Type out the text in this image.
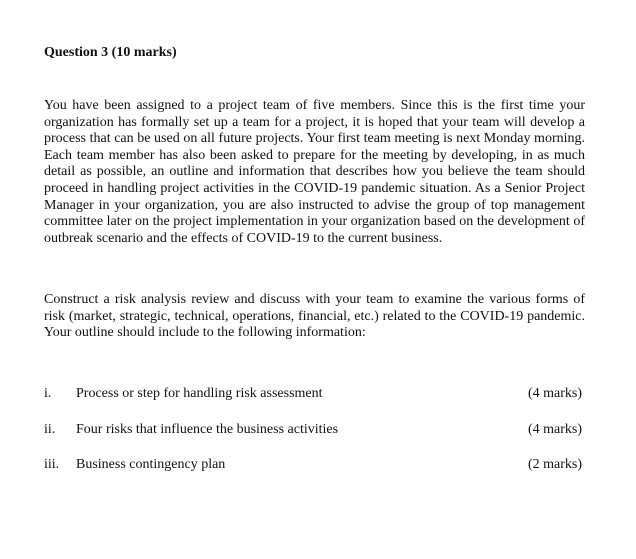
Question 3 (10 marks)

You have been assigned to a project team of five members. Since this is the first time your organization has formally set up a team for a project, it is hoped that your team will develop a process that can be used on all future projects. Your first team meeting is next Monday morning. Each team member has also been asked to prepare for the meeting by developing, in as much detail as possible, an outline and information that describes how you believe the team should proceed in handling project activities in the COVID-19 pandemic situation. As a Senior Project Manager in your organization, you are also instructed to advise the group of top management committee later on the project implementation in your organization based on the development of outbreak scenario and the effects of COVID-19 to the current business.

Construct a risk analysis review and discuss with your team to examine the various forms of risk (market, strategic, technical, operations, financial, etc.) related to the COVID-19 pandemic. Your outline should include to the following information:

i. Process or step for handling risk assessment	(4 marks)
ii. Four risks that influence the business activities	(4 marks)
iii. Business contingency plan	(2 marks)
